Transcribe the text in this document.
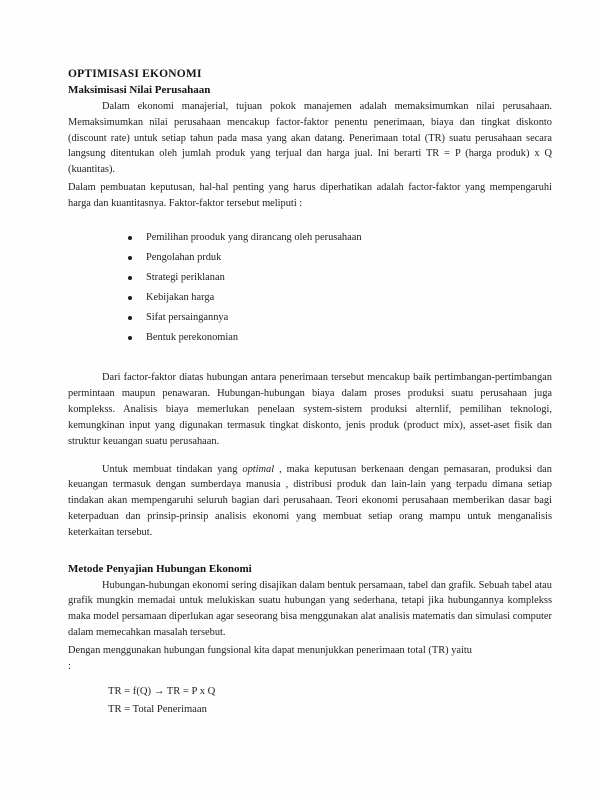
OPTIMISASI EKONOMI
Maksimisasi Nilai Perusahaan

Dalam ekonomi manajerial, tujuan pokok manajemen adalah memaksimumkan nilai perusahaan. Memaksimumkan nilai perusahaan mencakup factor-faktor penentu penerimaan, biaya dan tingkat diskonto (discount rate) untuk setiap tahun pada masa yang akan datang. Penerimaan total (TR) suatu perusahaan secara langsung ditentukan oleh jumlah produk yang terjual dan harga jual. Ini berarti TR = P (harga produk) x Q (kuantitas).

Dalam pembuatan keputusan, hal-hal penting yang harus diperhatikan adalah factor-faktor yang mempengaruhi harga dan kuantitasnya. Faktor-faktor tersebut meliputi :

Pemilihan prooduk yang dirancang oleh perusahaan
Pengolahan prduk
Strategi periklanan
Kebijakan harga
Sifat persaingannya
Bentuk perekonomian

Dari factor-faktor diatas hubungan antara penerimaan tersebut mencakup baik pertimbangan-pertimbangan permintaan maupun penawaran. Hubungan-hubungan biaya dalam proses produksi suatu perusahaan juga komplekss. Analisis biaya memerlukan penelaan system-sistem produksi alternlif, pemilihan teknologi, kemungkinan input yang digunakan termasuk tingkat diskonto, jenis produk (product mix), asset-aset fisik dan struktur keuangan suatu perusahaan.

Untuk membuat tindakan yang optimal , maka keputusan berkenaan dengan pemasaran, produksi dan keuangan termasuk dengan sumberdaya manusia , distribusi produk dan lain-lain yang terpadu dimana setiap tindakan akan mempengaruhi seluruh bagian dari perusahaan. Teori ekonomi perusahaan memberikan dasar bagi keterpaduan dan prinsip-prinsip analisis ekonomi yang membuat setiap orang mampu untuk menganalisis keterkaitan tersebut.

Metode Penyajian Hubungan Ekonomi

Hubungan-hubungan ekonomi sering disajikan dalam bentuk persamaan, tabel dan grafik. Sebuah tabel atau grafik mungkin memadai untuk melukiskan suatu hubungan yang sederhana, tetapi jika hubungannya komplekss maka model persamaan diperlukan agar seseorang bisa menggunakan alat analisis matematis dan simulasi computer dalam memecahkan masalah tersebut.

Dengan menggunakan hubungan fungsional kita dapat menunjukkan penerimaan total (TR) yaitu

:
TR = f(Q) → TR = P x Q
TR = Total Penerimaan
